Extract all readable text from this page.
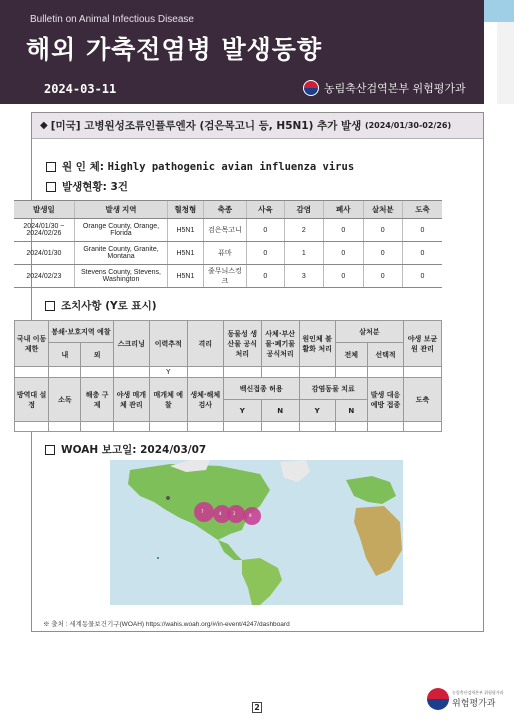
Bulletin on Animal Infectious Disease
해외 가축전염병 발생동향
2024-03-11	농림축산검역본부 위험평가과
◆ [미국] 고병원성조류인플루엔자 (검은목고니 등, H5N1) 추가 발생
(2024/01/30-02/26)
원 인 체:
Highly pathogenic avian influenza virus
발생현황:
3건
발생일	발생 지역	혈청형	축종	사육	감염	폐사	살처분	도축
2024/01/30 ~ 2024/02/26	Orange County, Orange, Florida	H5N1	검은목고니	0	2	0	0	0
2024/01/30	Granite County, Granite, Montana	H5N1	퓨마	0	1	0	0	0
2024/02/23	Stevens County, Stevens, Washington	H5N1	줄무늬스컹크	0	3	0	0	0
조치사항 (Y로 표시)
국내 이동 제한	봉쇄·보호지역 예찰		스크리닝	이력추적	격리	동물성 생산물 공식 처리	사체·부산물·폐기물 공식처리	원인체 불활화 처리	살처분		야생 보균원 관리
	내	외							전체	선택적	
				Y							
방역대 설정	소독	해충 구제	야생 매개체 관리	매개체 예찰	생체·해체 검사	백신접종 허용		감염동물 치료		발생 대응 예방 접종	도축
						Y	N	Y	N		

WOAH 보고일:
2024/03/07
7	4	2	9
※ 출처 : 세계동물보건기구(WOAH) https://wahis.woah.org/#/in-event/4247/dashboard
2
농림축산검역본부 위험평가과
위험평가과
